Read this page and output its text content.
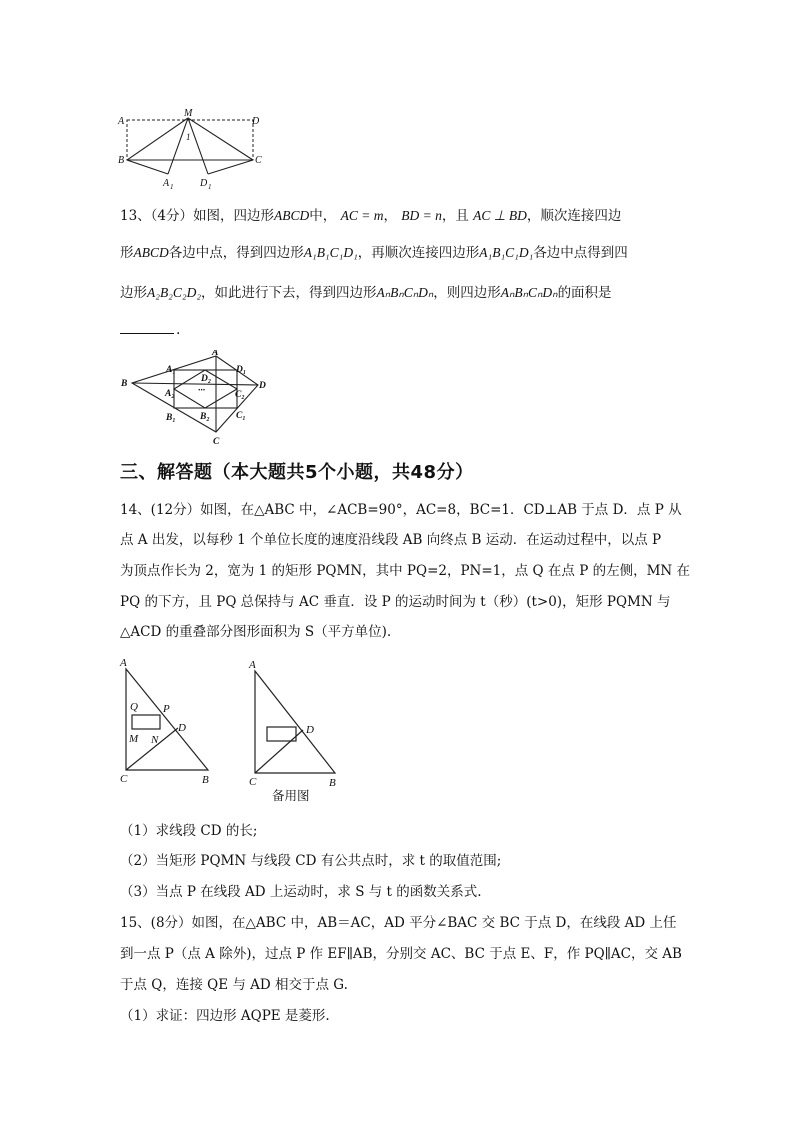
A
M
D
B	C
1
A 1	D 1
13、（4分）如图，四边形ABCD中， AC = m， BD = n，且 AC ⊥ BD，顺次连接四边
形ABCD各边中点，得到四边形A₁B₁C₁D₁，再顺次连接四边形A₁B₁C₁D₁各边中点得到四
边形A₂B₂C₂D₂，如此进行下去，得到四边形AₙBₙCₙDₙ，则四边形AₙBₙCₙDₙ的面积是
.
B
A
D
C
A₁	D₁
D₂
A₂	C₂
B₁	B₂	C₁
···
三、解答题（本大题共5个小题，共48分）
14、(12分）如图，在△ABC 中，∠ACB=90°，AC=8，BC=1．CD⊥AB 于点 D．点 P 从
点 A 出发，以每秒 1 个单位长度的速度沿线段 AB 向终点 B 运动．在运动过程中，以点 P
为顶点作长为 2，宽为 1 的矩形 PQMN，其中 PQ=2，PN=1，点 Q 在点 P 的左侧，MN 在
PQ 的下方，且 PQ 总保持与 AC 垂直．设 P 的运动时间为 t（秒）(t>0)，矩形 PQMN 与
△ACD 的重叠部分图形面积为 S（平方单位).
A
Q P
D
M N
C	B
A
D
C	B
备用图
（1）求线段 CD 的长;
（2）当矩形 PQMN 与线段 CD 有公共点时，求 t 的取值范围;
（3）当点 P 在线段 AD 上运动时，求 S 与 t 的函数关系式.
15、(8分）如图，在△ABC 中，AB＝AC，AD 平分∠BAC 交 BC 于点 D，在线段 AD 上任
到一点 P（点 A 除外)，过点 P 作 EF∥AB，分别交 AC、BC 于点 E、F，作 PQ∥AC，交 AB
于点 Q，连接 QE 与 AD 相交于点 G.
（1）求证：四边形 AQPE 是菱形.
